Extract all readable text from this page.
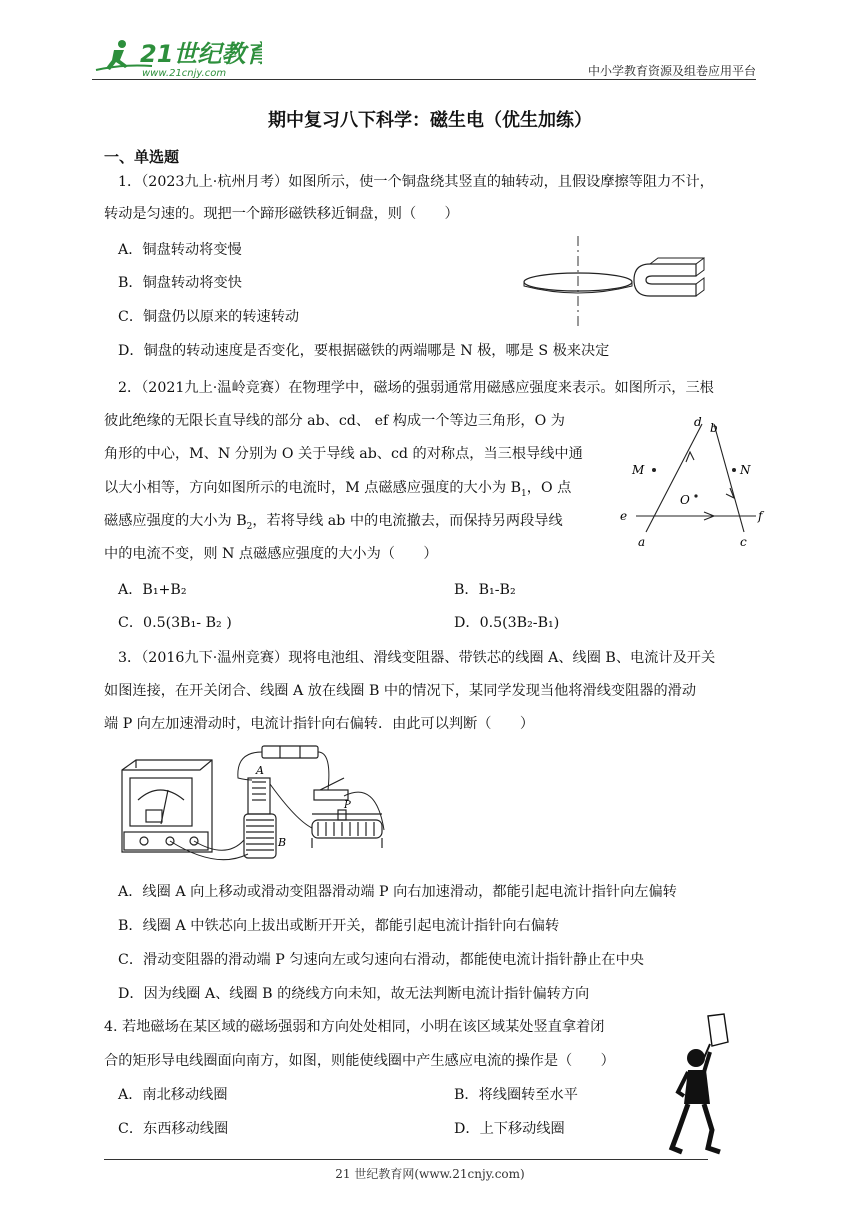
21世纪教育
www.21cnjy.com	中小学教育资源及组卷应用平台
期中复习八下科学：磁生电（优生加练）
一、单选题
1．（2023九上·杭州月考）如图所示，使一个铜盘绕其竖直的轴转动，且假设摩擦等阻力不计，
转动是匀速的。现把一个蹄形磁铁移近铜盘，则（　　）
A．铜盘转动将变慢
B．铜盘转动将变快
C．铜盘仍以原来的转速转动
D．铜盘的转动速度是否变化，要根据磁铁的两端哪是 N 极，哪是 S 极来决定
2．（2021九上·温岭竞赛）在物理学中，磁场的强弱通常用磁感应强度来表示。如图所示，三根
彼此绝缘的无限长直导线的部分 ab、cd、 ef 构成一个等边三角形，O 为
角形的中心，M、N 分别为 O 关于导线 ab、cd 的对称点，当三根导线中通
以大小相等，方向如图所示的电流时，M 点磁感应强度的大小为 $B_1$，O 点
磁感应强度的大小为 $B_2$，若将导线 ab 中的电流撤去，而保持另两段导线
中的电流不变，则 N 点磁感应强度的大小为（　　）
A．B₁+B₂	B．B₁-B₂
C．0.5(3B₁- B₂ )	D．0.5(3B₂-B₁)
d b
M	N
O
e	f
a	c
3．（2016九下·温州竞赛）现将电池组、滑线变阻器、带铁芯的线圈 A、线圈 B、电流计及开关
如图连接，在开关闭合、线圈 A 放在线圈 B 中的情况下，某同学发现当他将滑线变阻器的滑动
端 P 向左加速滑动时，电流计指针向右偏转．由此可以判断（　　）
A
B
P
A．线圈 A 向上移动或滑动变阻器滑动端 P 向右加速滑动，都能引起电流计指针向左偏转
B．线圈 A 中铁芯向上拔出或断开开关，都能引起电流计指针向右偏转
C．滑动变阻器的滑动端 P 匀速向左或匀速向右滑动，都能使电流计指针静止在中央
D．因为线圈 A、线圈 B 的绕线方向未知，故无法判断电流计指针偏转方向
4. 若地磁场在某区域的磁场强弱和方向处处相同，小明在该区域某处竖直拿着闭
合的矩形导电线圈面向南方，如图，则能使线圈中产生感应电流的操作是（　　）
A．南北移动线圈	B．将线圈转至水平
C．东西移动线圈	D．上下移动线圈
21 世纪教育网(www.21cnjy.com)
